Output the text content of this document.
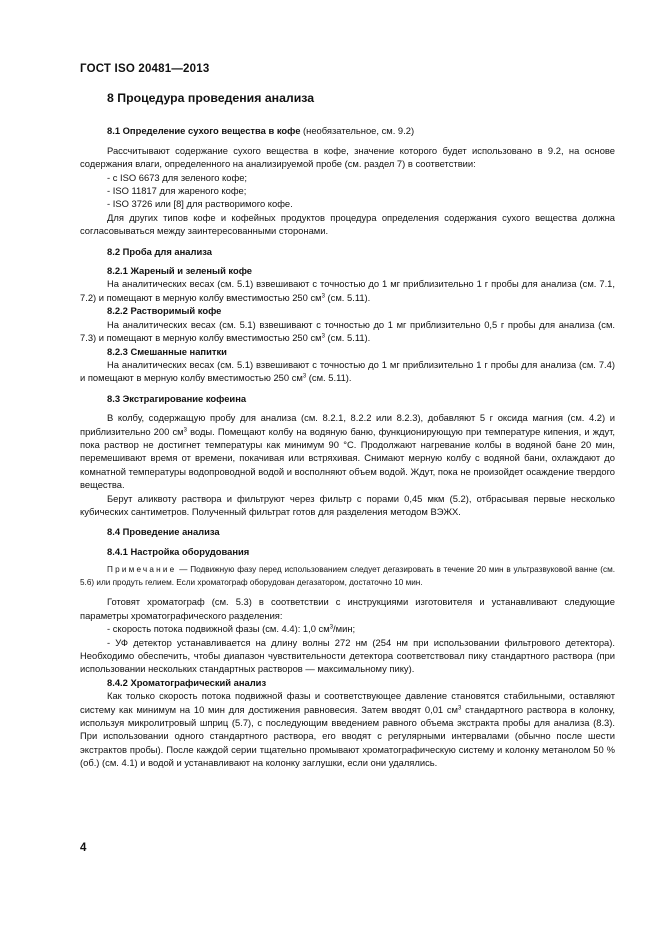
ГОСТ ISO 20481—2013

8 Процедура проведения анализа

8.1 Определение сухого вещества в кофе (необязательное, см. 9.2)

Рассчитывают содержание сухого вещества в кофе, значение которого будет использовано в 9.2, на основе содержания влаги, определенного на анализируемой пробе (см. раздел 7) в соответствии:

- с ISO 6673 для зеленого кофе;

- ISO 11817 для жареного кофе;

- ISO 3726 или [8] для растворимого кофе.

Для других типов кофе и кофейных продуктов процедура определения содержания сухого вещества должна согласовываться между заинтересованными сторонами.

8.2 Проба для анализа

8.2.1 Жареный и зеленый кофе

На аналитических весах (см. 5.1) взвешивают с точностью до 1 мг приблизительно 1 г пробы для анализа (см. 7.1, 7.2) и помещают в мерную колбу вместимостью 250 $см^3$ (см. 5.11).

8.2.2 Растворимый кофе

На аналитических весах (см. 5.1) взвешивают с точностью до 1 мг приблизительно 0,5 г пробы для анализа (см. 7.3) и помещают в мерную колбу вместимостью 250 $см^3$ (см. 5.11).

8.2.3 Смешанные напитки

На аналитических весах (см. 5.1) взвешивают с точностью до 1 мг приблизительно 1 г пробы для анализа (см. 7.4) и помещают в мерную колбу вместимостью 250 $см^3$ (см. 5.11).

8.3 Экстрагирование кофеина

В колбу, содержащую пробу для анализа (см. 8.2.1, 8.2.2 или 8.2.3), добавляют 5 г оксида магния (см. 4.2) и приблизительно 200 $см^3$ воды. Помещают колбу на водяную баню, функционирующую при температуре кипения, и ждут, пока раствор не достигнет температуры как минимум 90 °С. Продолжают нагревание колбы в водяной бане 20 мин, перемешивают время от времени, покачивая или встряхивая. Снимают мерную колбу с водяной бани, охлаждают до комнатной температуры водопроводной водой и восполняют объем водой. Ждут, пока не произойдет осаждение твердого вещества.

Берут аликвоту раствора и фильтруют через фильтр с порами 0,45 мкм (5.2), отбрасывая первые несколько кубических сантиметров. Полученный фильтрат готов для разделения методом ВЭЖХ.

8.4 Проведение анализа

8.4.1 Настройка оборудования

Примечание — Подвижную фазу перед использованием следует дегазировать в течение 20 мин в ультразвуковой ванне (см. 5.6) или продуть гелием. Если хроматограф оборудован дегазатором, достаточно 10 мин.

Готовят хроматограф (см. 5.3) в соответствии с инструкциями изготовителя и устанавливают следующие параметры хроматографического разделения:

- скорость потока подвижной фазы (см. 4.4): 1,0 $см^3$/мин;

- УФ детектор устанавливается на длину волны 272 нм (254 нм при использовании фильтрового детектора). Необходимо обеспечить, чтобы диапазон чувствительности детектора соответствовал пику стандартного раствора (при использовании нескольких стандартных растворов — максимальному пику).

8.4.2 Хроматографический анализ

Как только скорость потока подвижной фазы и соответствующее давление становятся стабильными, оставляют систему как минимум на 10 мин для достижения равновесия. Затем вводят 0,01 $см^3$ стандартного раствора в колонку, используя микролитровый шприц (5.7), с последующим введением равного объема экстракта пробы для анализа (8.3). При использовании одного стандартного раствора, его вводят с регулярными интервалами (обычно после шести экстрактов пробы). После каждой серии тщательно промывают хроматографическую систему и колонку метанолом 50 % (об.) (см. 4.1) и водой и устанавливают на колонку заглушки, если они удалялись.

4
